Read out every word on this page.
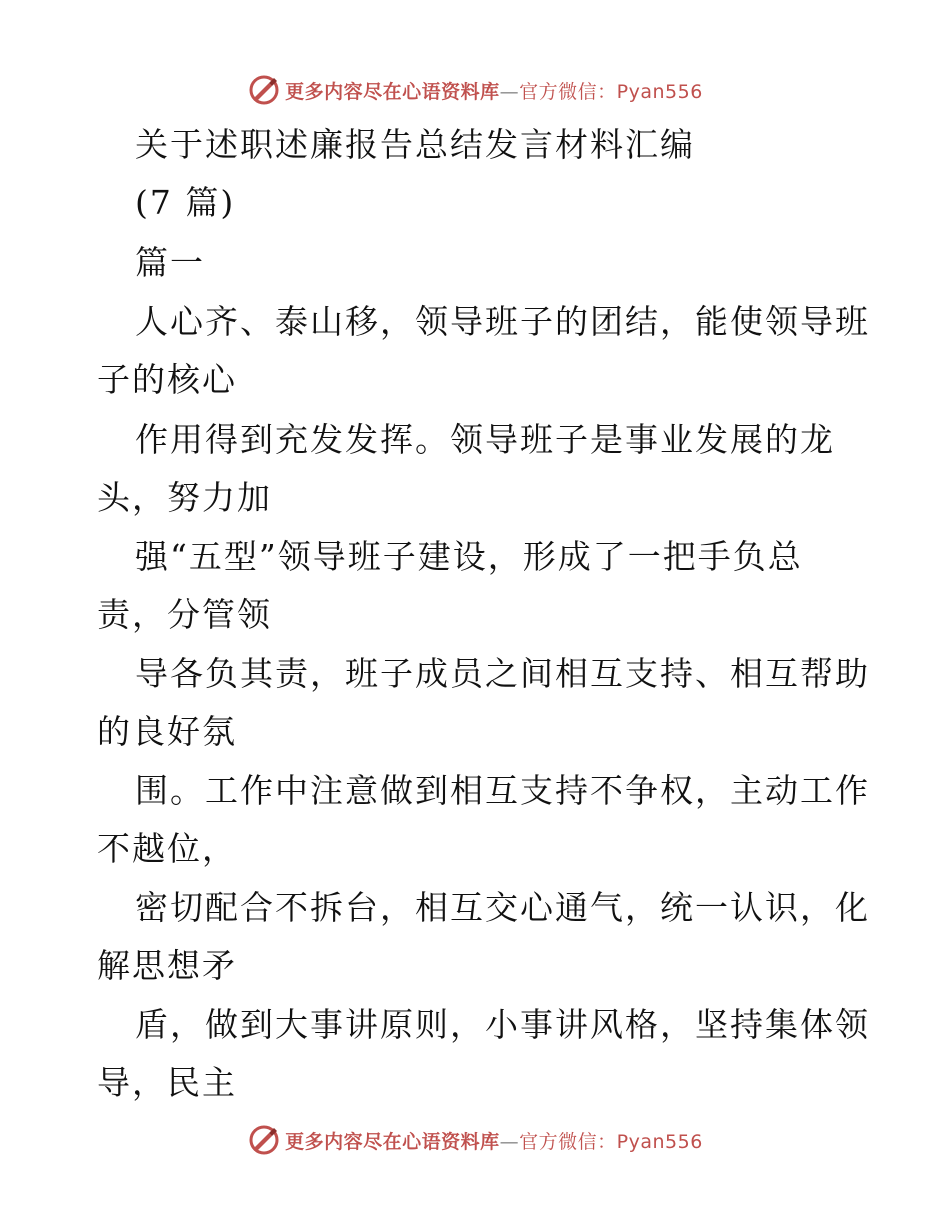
更多内容尽在心语资料库—官方微信：Pyan556
关于述职述廉报告总结发言材料汇编
(7 篇)
篇一
人心齐、泰山移，领导班子的团结，能使领导班
子的核心
作用得到充发发挥。领导班子是事业发展的龙
头，努力加
强“五型”领导班子建设，形成了一把手负总
责，分管领
导各负其责，班子成员之间相互支持、相互帮助
的良好氛
围。工作中注意做到相互支持不争权，主动工作
不越位，
密切配合不拆台，相互交心通气，统一认识，化
解思想矛
盾，做到大事讲原则，小事讲风格，坚持集体领
导，民主
更多内容尽在心语资料库—官方微信：Pyan556
